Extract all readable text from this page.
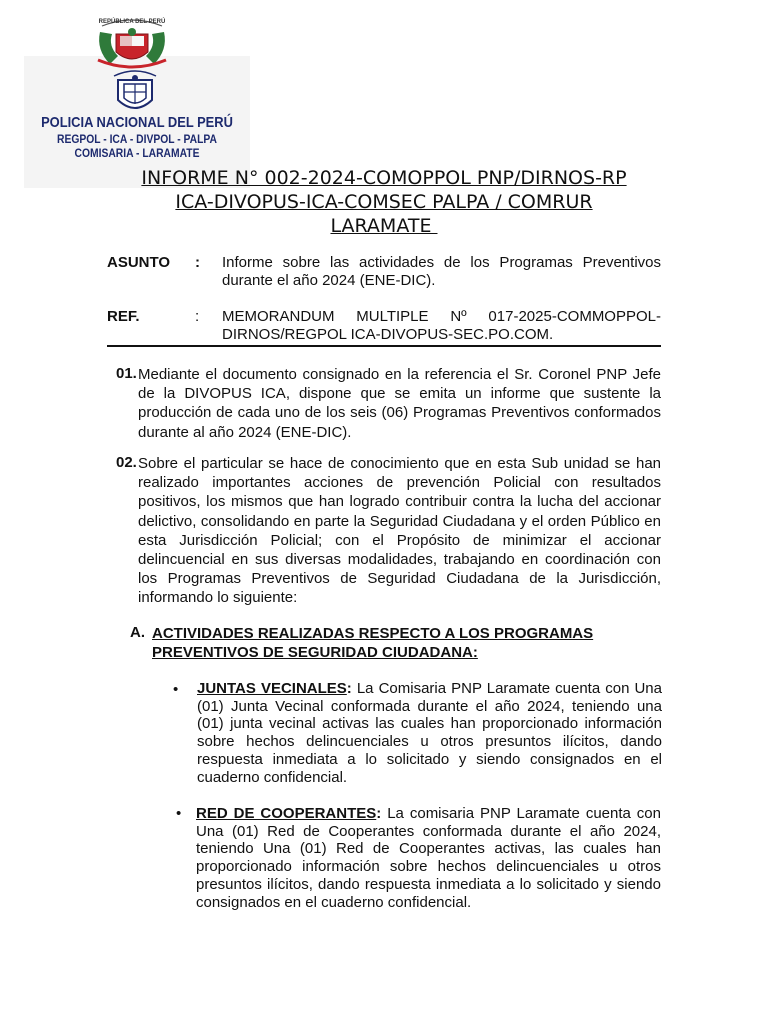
REPÚBLICA DEL PERÚ
POLICIA NACIONAL DEL PERÚ
REGPOL - ICA - DIVPOL - PALPA
COMISARIA - LARAMATE
INFORME N° 002-2024-COMOPPOL PNP/DIRNOS-RP
ICA-DIVOPUS-ICA-COMSEC PALPA / COMRUR
LARAMATE
ASUNTO : Informe sobre las actividades de los Programas Preventivos durante el año 2024 (ENE-DIC).
REF.	: MEMORANDUM MULTIPLE Nº 017-2025-COMMOPPOL-DIRNOS/REGPOL ICA-DIVOPUS-SEC.PO.COM.
01. Mediante el documento consignado en la referencia el Sr. Coronel PNP Jefe de la DIVOPUS ICA, dispone que se emita un informe que sustente la producción de cada uno de los seis (06) Programas Preventivos conformados durante al año 2024 (ENE-DIC).
02. Sobre el particular se hace de conocimiento que en esta Sub unidad se han realizado importantes acciones de prevención Policial con resultados positivos, los mismos que han logrado contribuir contra la lucha del accionar delictivo, consolidando en parte la Seguridad Ciudadana y el orden Público en esta Jurisdicción Policial; con el Propósito de minimizar el accionar delincuencial en sus diversas modalidades, trabajando en coordinación con los Programas Preventivos de Seguridad Ciudadana de la Jurisdicción, informando lo siguiente:
A. ACTIVIDADES REALIZADAS RESPECTO A LOS PROGRAMAS PREVENTIVOS DE SEGURIDAD CIUDADANA:
• JUNTAS VECINALES: La Comisaria PNP Laramate cuenta con Una (01) Junta Vecinal conformada durante el año 2024, teniendo una (01) junta vecinal activas las cuales han proporcionado información sobre hechos delincuenciales u otros presuntos ilícitos, dando respuesta inmediata a lo solicitado y siendo consignados en el cuaderno confidencial.
• RED DE COOPERANTES: La comisaria PNP Laramate cuenta con Una (01) Red de Cooperantes conformada durante el año 2024, teniendo Una (01) Red de Cooperantes activas, las cuales han proporcionado información sobre hechos delincuenciales u otros presuntos ilícitos, dando respuesta inmediata a lo solicitado y siendo consignados en el cuaderno confidencial.
